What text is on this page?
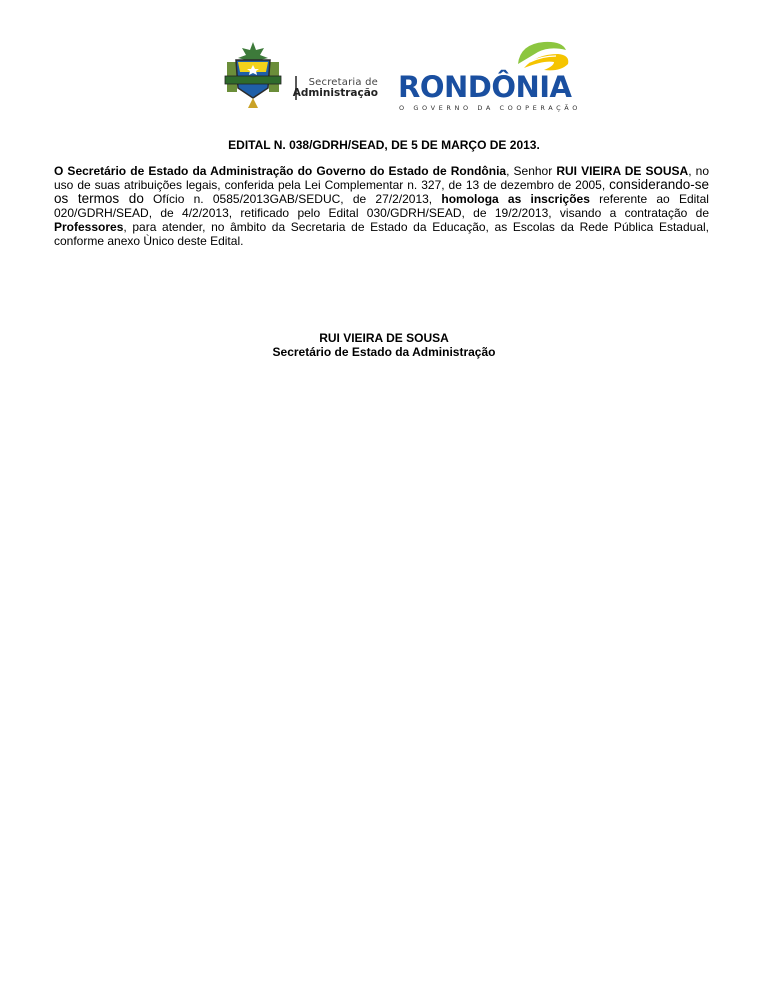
Secretaria de
Administração RONDÔNIA
O GOVERNO DA COOPERAÇÃO
EDITAL N. 038/GDRH/SEAD, DE 5 DE MARÇO DE 2013.
O Secretário de Estado da Administração do Governo do Estado de Rondônia, Senhor RUI VIEIRA DE SOUSA, no uso de suas atribuições legais, conferida pela Lei Complementar n. 327, de 13 de dezembro de 2005, considerando-se os termos do Ofício n. 0585/2013GAB/SEDUC, de 27/2/2013, homologa as inscrições referente ao Edital 020/GDRH/SEAD, de 4/2/2013, retificado pelo Edital 030/GDRH/SEAD, de 19/2/2013, visando a contratação de Professores, para atender, no âmbito da Secretaria de Estado da Educação, as Escolas da Rede Pública Estadual, conforme anexo Ùnico deste Edital.
RUI VIEIRA DE SOUSA
Secretário de Estado da Administração
